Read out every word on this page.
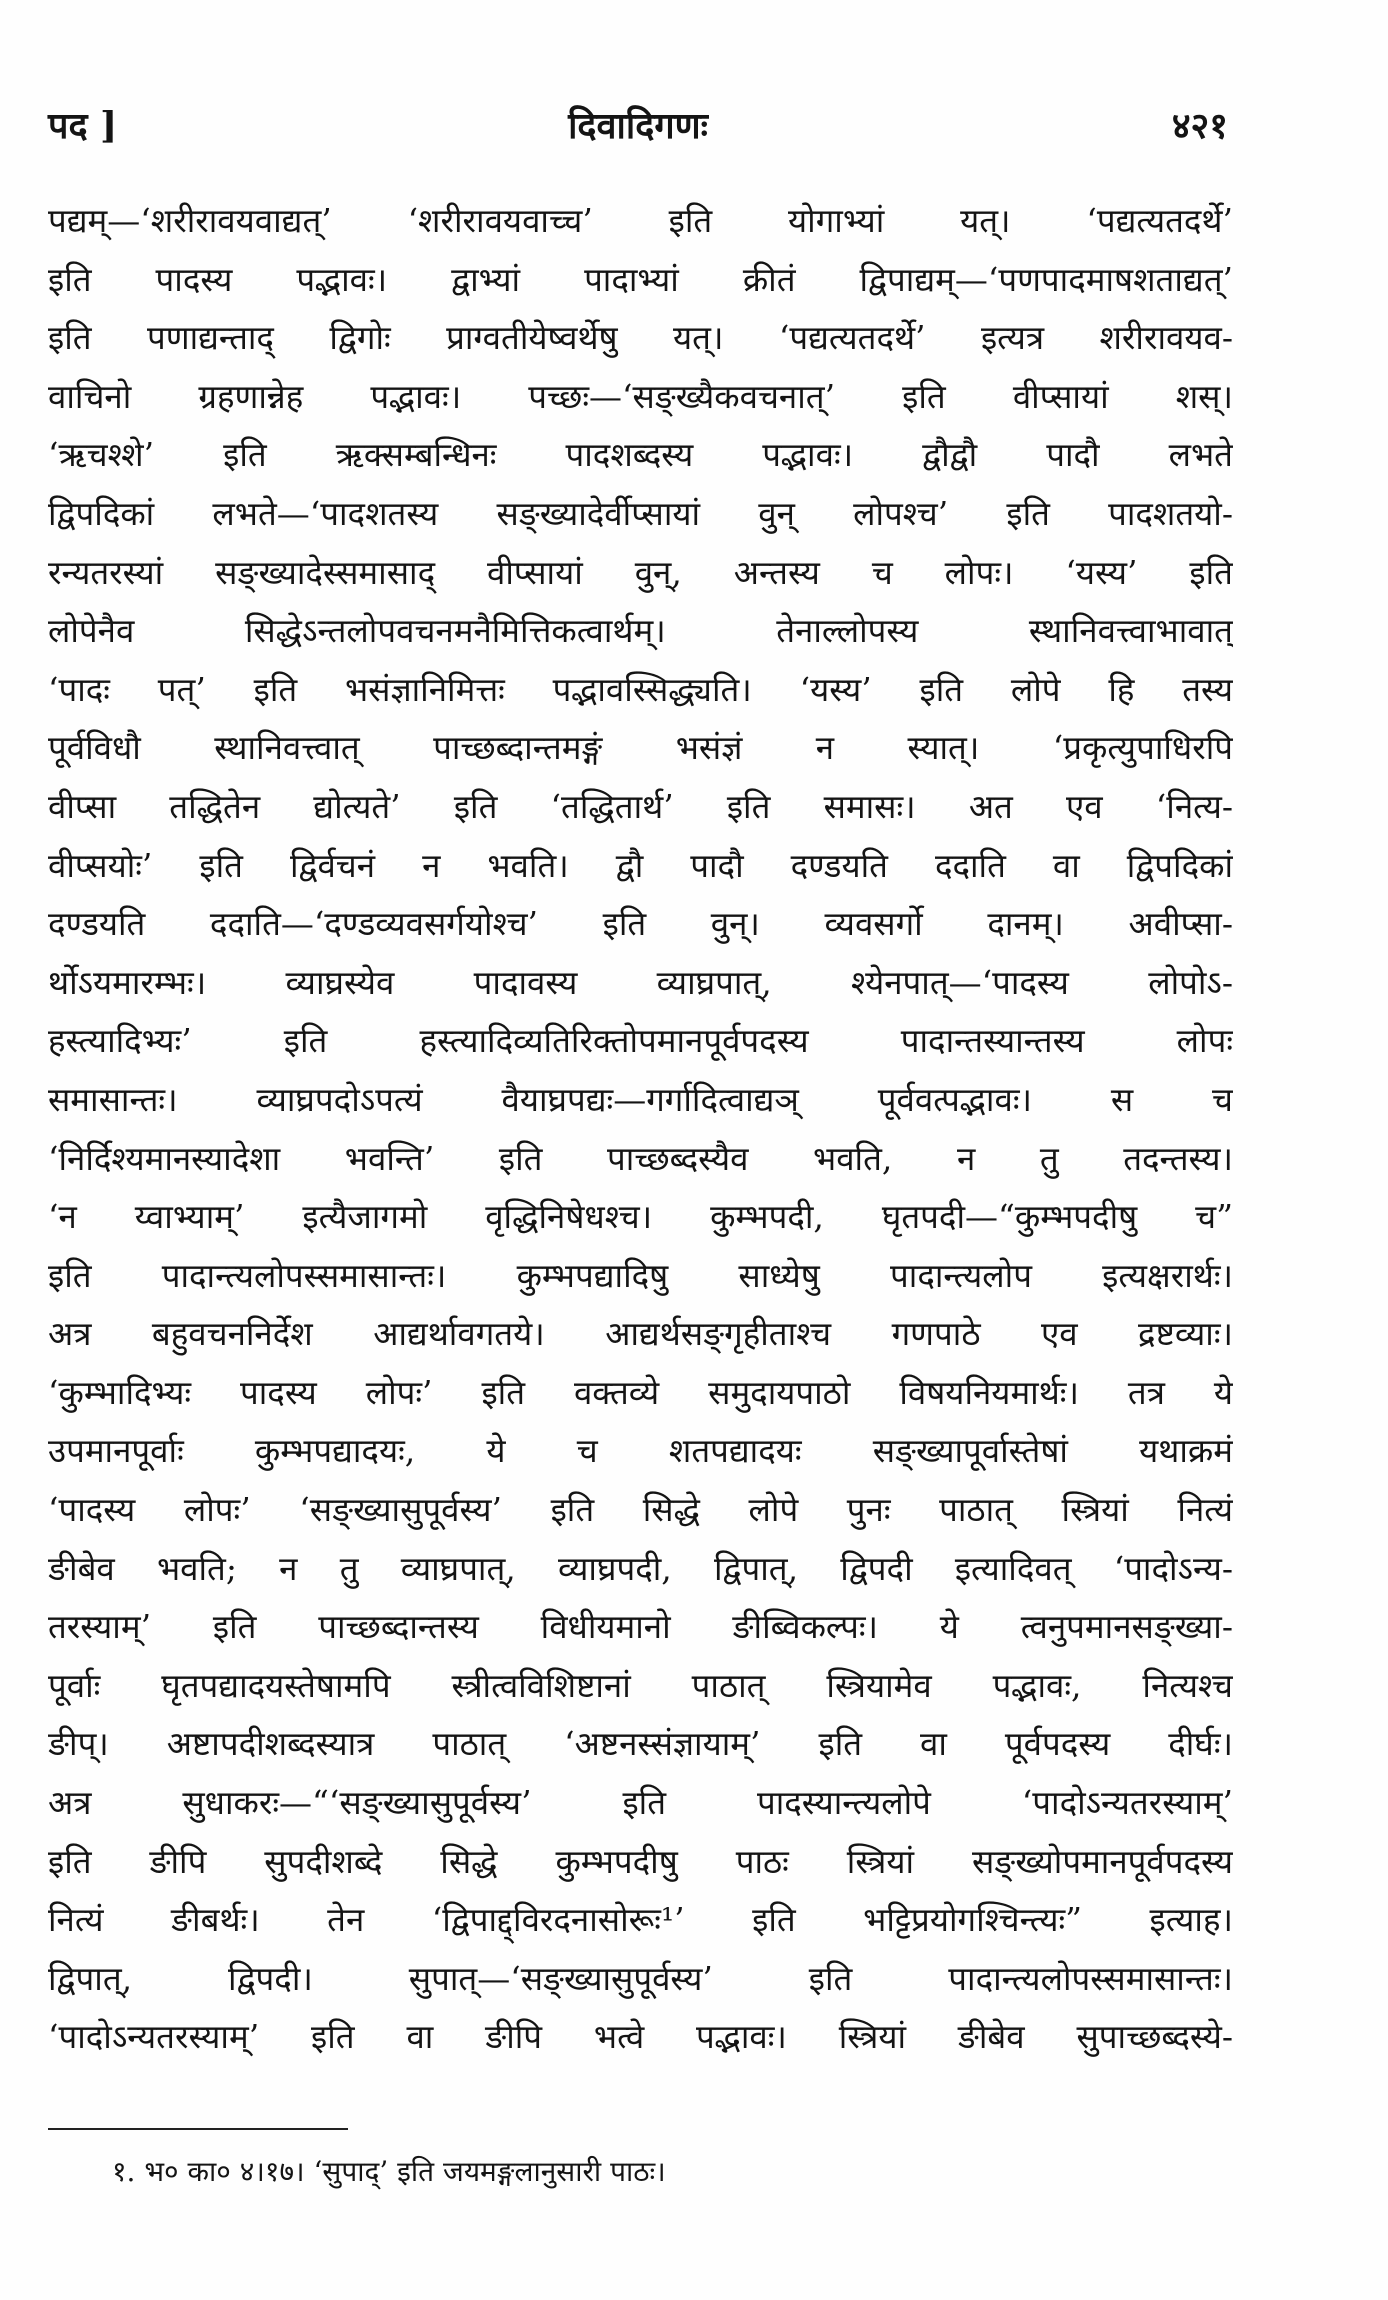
पद ]	दिवादिगणः	४२१
पद्यम्—‘शरीरावयवाद्यत्’ ‘शरीरावयवाच्च’ इति योगाभ्यां यत्। ‘पद्यत्यतदर्थे’
इति पादस्य पद्भावः। द्वाभ्यां पादाभ्यां क्रीतं द्विपाद्यम्—‘पणपादमाषशताद्यत्’
इति पणाद्यन्ताद् द्विगोः प्राग्वतीयेष्वर्थेषु यत्। ‘पद्यत्यतदर्थे’ इत्यत्र शरीरावयव-
वाचिनो ग्रहणान्नेह पद्भावः। पच्छः—‘सङ्ख्यैकवचनात्’ इति वीप्सायां शस्।
‘ऋचश्शे’ इति ऋक्सम्बन्धिनः पादशब्दस्य पद्भावः। द्वौद्वौ पादौ लभते
द्विपदिकां लभते—‘पादशतस्य सङ्ख्यादेर्वीप्सायां वुन् लोपश्च’ इति पादशतयो-
रन्यतरस्यां सङ्ख्यादेस्समासाद् वीप्सायां वुन्, अन्तस्य च लोपः। ‘यस्य’ इति
लोपेनैव सिद्धेऽन्तलोपवचनमनैमित्तिकत्वार्थम्। तेनाल्लोपस्य स्थानिवत्त्वाभावात्
‘पादः पत्’ इति भसंज्ञानिमित्तः पद्भावस्सिद्ध्यति। ‘यस्य’ इति लोपे हि तस्य
पूर्वविधौ स्थानिवत्त्वात् पाच्छब्दान्तमङ्गं भसंज्ञं न स्यात्। ‘प्रकृत्युपाधिरपि
वीप्सा तद्धितेन द्योत्यते’ इति ‘तद्धितार्थ’ इति समासः। अत एव ‘नित्य-
वीप्सयोः’ इति द्विर्वचनं न भवति। द्वौ पादौ दण्डयति ददाति वा द्विपदिकां
दण्डयति ददाति—‘दण्डव्यवसर्गयोश्च’ इति वुन्। व्यवसर्गो दानम्। अवीप्सा-
र्थोऽयमारम्भः। व्याघ्रस्येव पादावस्य व्याघ्रपात्, श्येनपात्—‘पादस्य लोपोऽ-
हस्त्यादिभ्यः’ इति हस्त्यादिव्यतिरिक्तोपमानपूर्वपदस्य पादान्तस्यान्तस्य लोपः
समासान्तः। व्याघ्रपदोऽपत्यं वैयाघ्रपद्यः—गर्गादित्वाद्यञ् पूर्ववत्पद्भावः। स च
‘निर्दिश्यमानस्यादेशा भवन्ति’ इति पाच्छब्दस्यैव भवति, न तु तदन्तस्य।
‘न य्वाभ्याम्’ इत्यैजागमो वृद्धिनिषेधश्च। कुम्भपदी, घृतपदी—“कुम्भपदीषु च”
इति पादान्त्यलोपस्समासान्तः। कुम्भपद्यादिषु साध्येषु पादान्त्यलोप इत्यक्षरार्थः।
अत्र बहुवचननिर्देश आद्यर्थावगतये। आद्यर्थसङ्गृहीताश्च गणपाठे एव द्रष्टव्याः।
‘कुम्भादिभ्यः पादस्य लोपः’ इति वक्तव्ये समुदायपाठो विषयनियमार्थः। तत्र ये
उपमानपूर्वाः कुम्भपद्यादयः, ये च शतपद्यादयः सङ्ख्यापूर्वास्तेषां यथाक्रमं
‘पादस्य लोपः’ ‘सङ्ख्यासुपूर्वस्य’ इति सिद्धे लोपे पुनः पाठात् स्त्रियां नित्यं
ङीबेव भवति; न तु व्याघ्रपात्, व्याघ्रपदी, द्विपात्, द्विपदी इत्यादिवत् ‘पादोऽन्य-
तरस्याम्’ इति पाच्छब्दान्तस्य विधीयमानो ङीब्विकल्पः। ये त्वनुपमानसङ्ख्या-
पूर्वाः घृतपद्यादयस्तेषामपि स्त्रीत्वविशिष्टानां पाठात् स्त्रियामेव पद्भावः, नित्यश्च
ङीप्। अष्टापदीशब्दस्यात्र पाठात् ‘अष्टनस्संज्ञायाम्’ इति वा पूर्वपदस्य दीर्घः।
अत्र सुधाकरः—“‘सङ्ख्यासुपूर्वस्य’ इति पादस्यान्त्यलोपे ‘पादोऽन्यतरस्याम्’
इति ङीपि सुपदीशब्दे सिद्धे कुम्भपदीषु पाठः स्त्रियां सङ्ख्योपमानपूर्वपदस्य
नित्यं ङीबर्थः। तेन ‘द्विपाद्द्विरदनासोरूः¹’ इति भट्टिप्रयोगश्चिन्त्यः” इत्याह।
द्विपात्, द्विपदी। सुपात्—‘सङ्ख्यासुपूर्वस्य’ इति पादान्त्यलोपस्समासान्तः।
‘पादोऽन्यतरस्याम्’ इति वा ङीपि भत्वे पद्भावः। स्त्रियां ङीबेव सुपाच्छब्दस्ये-
१. भ० का० ४।१७। ‘सुपाद्’ इति जयमङ्गलानुसारी पाठः।
